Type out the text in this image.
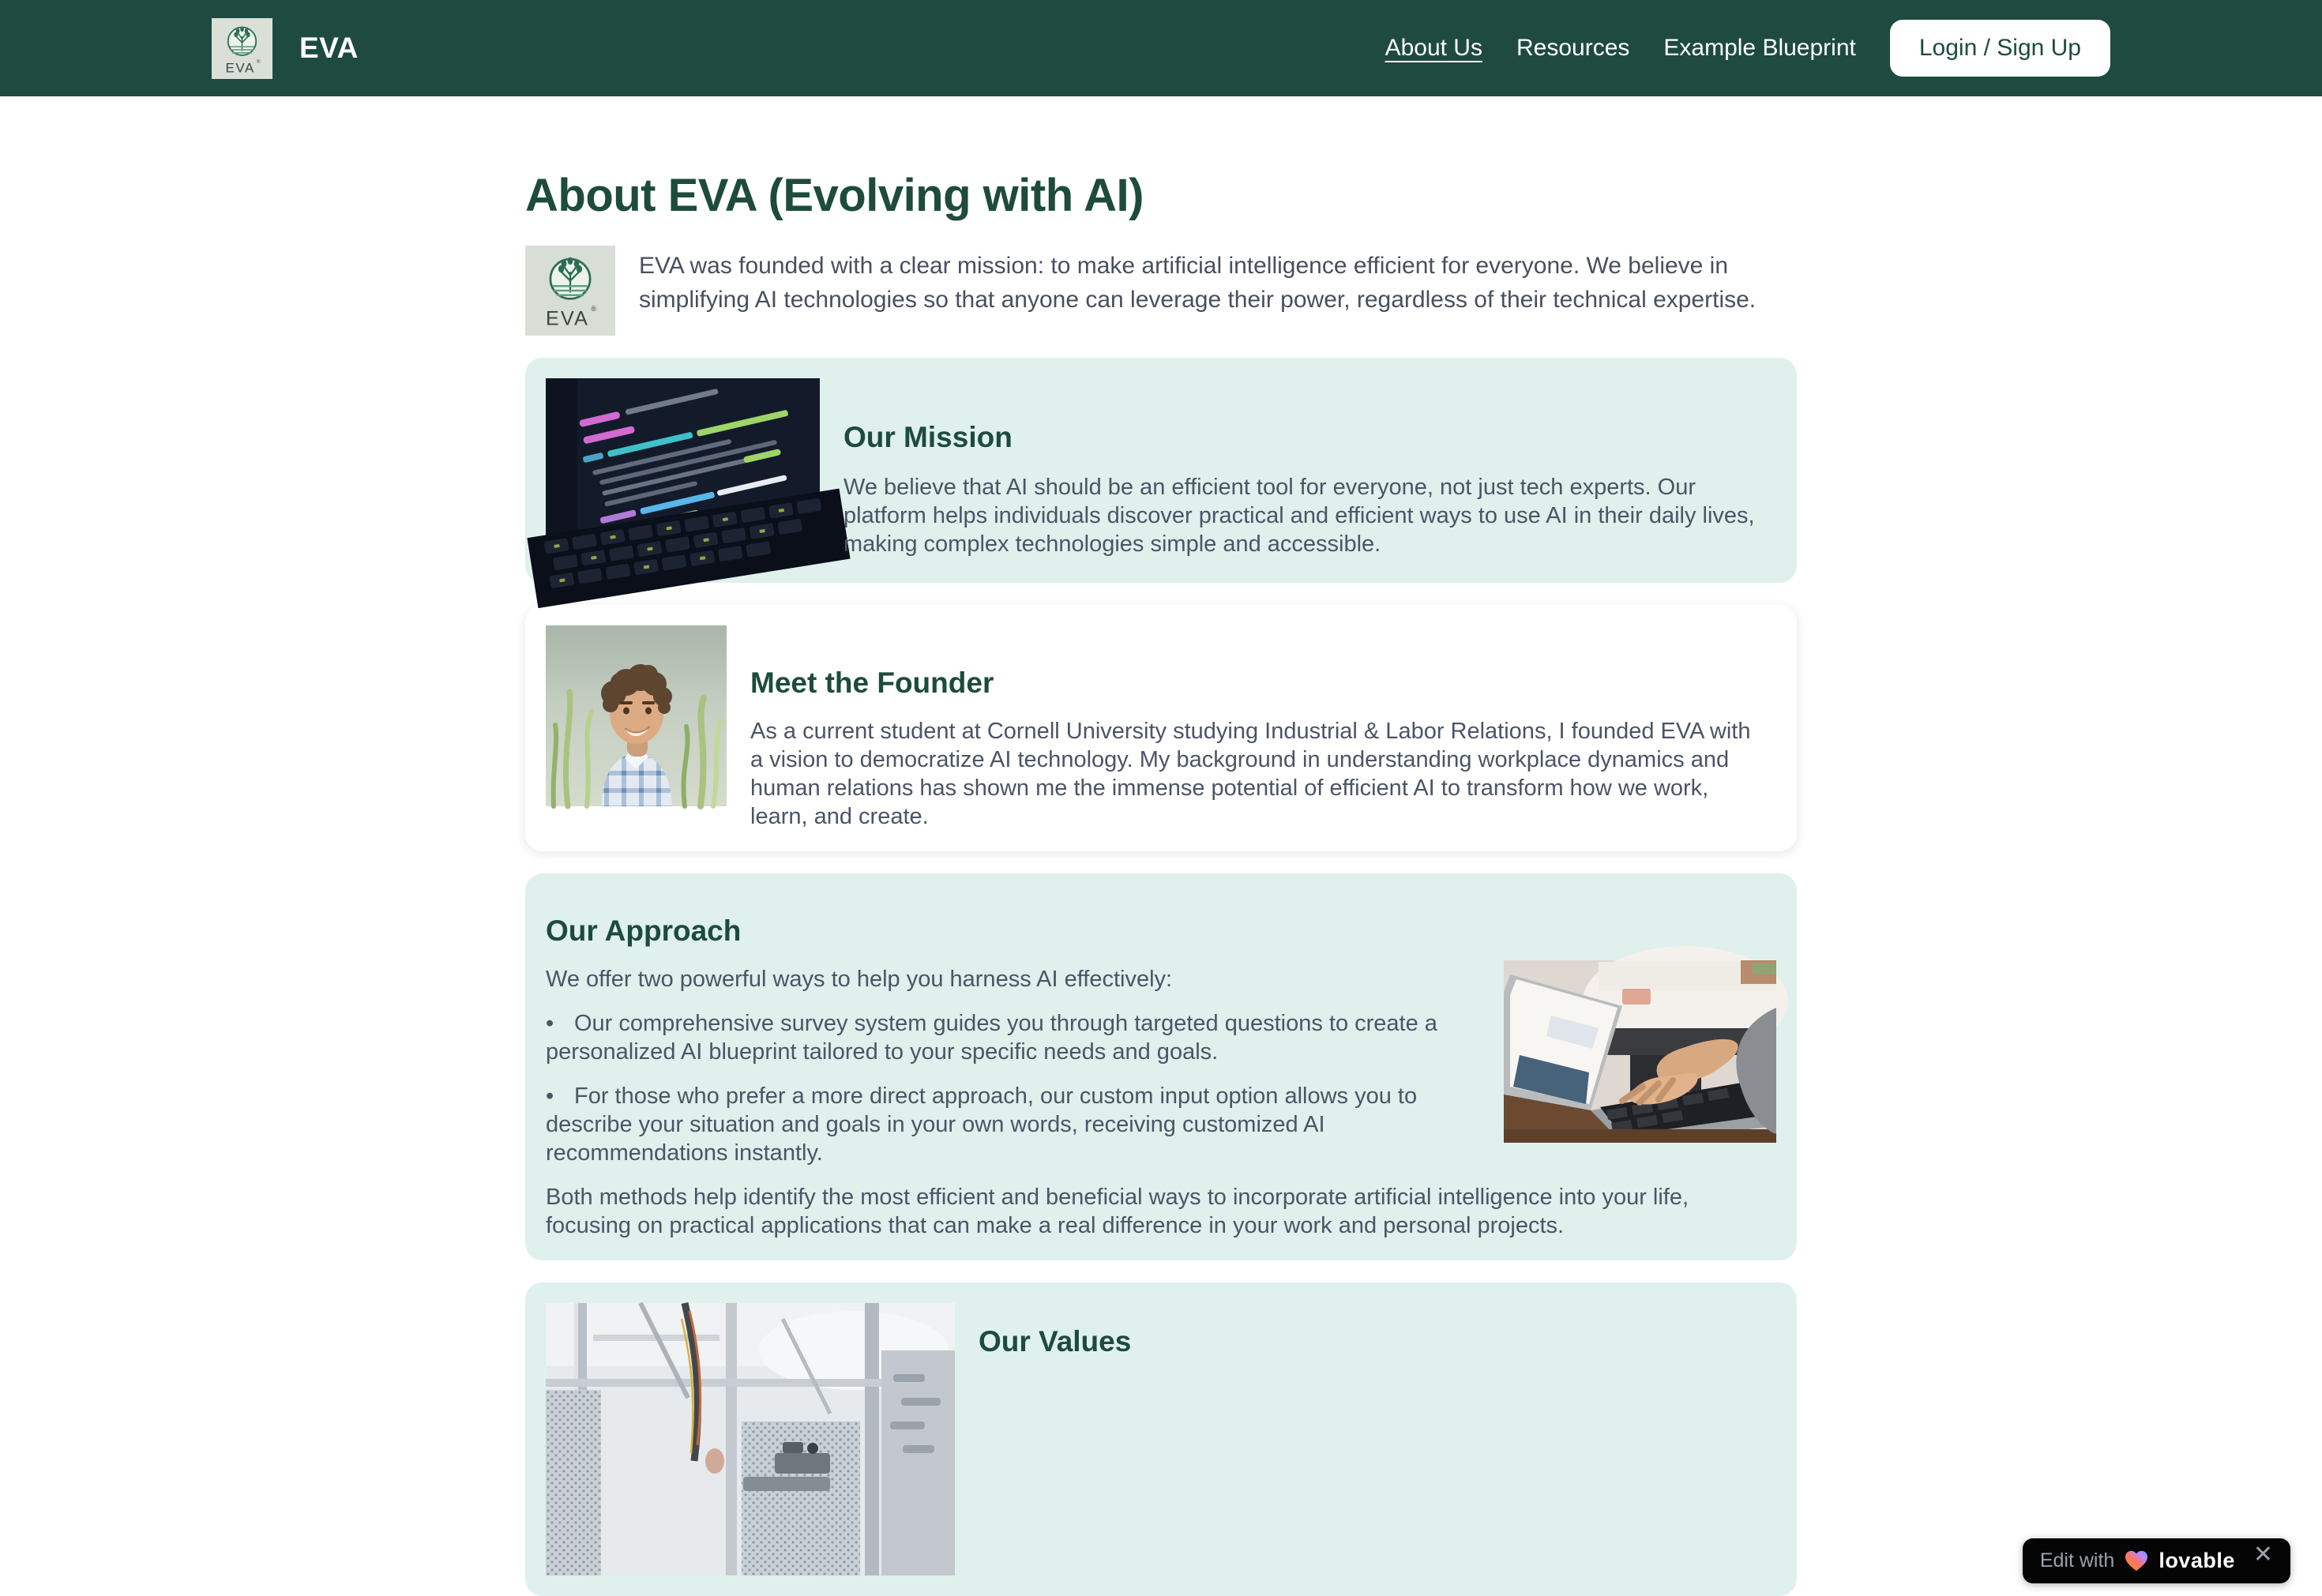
EVA ® EVA	About Us Resources Example Blueprint	Login / Sign Up
About EVA (Evolving with AI)
EVA ®

EVA was founded with a clear mission: to make artificial intelligence efficient for everyone. We believe in simplifying AI technologies so that anyone can leverage their power, regardless of their technical expertise.

Our Mission

We believe that AI should be an efficient tool for everyone, not just tech experts. Our platform helps individuals discover practical and efficient ways to use AI in their daily lives, making complex technologies simple and accessible.

Meet the Founder

As a current student at Cornell University studying Industrial & Labor Relations, I founded EVA with a vision to democratize AI technology. My background in understanding workplace dynamics and human relations has shown me the immense potential of efficient AI to transform how we work, learn, and create.

Our Approach

We offer two powerful ways to help you harness AI effectively:

• Our comprehensive survey system guides you through targeted questions to create a personalized AI blueprint tailored to your specific needs and goals.

• For those who prefer a more direct approach, our custom input option allows you to describe your situation and goals in your own words, receiving customized AI recommendations instantly.

Both methods help identify the most efficient and beneficial ways to incorporate artificial intelligence into your life, focusing on practical applications that can make a real difference in your work and personal projects.

Our Values
Edit with lovable ✕
